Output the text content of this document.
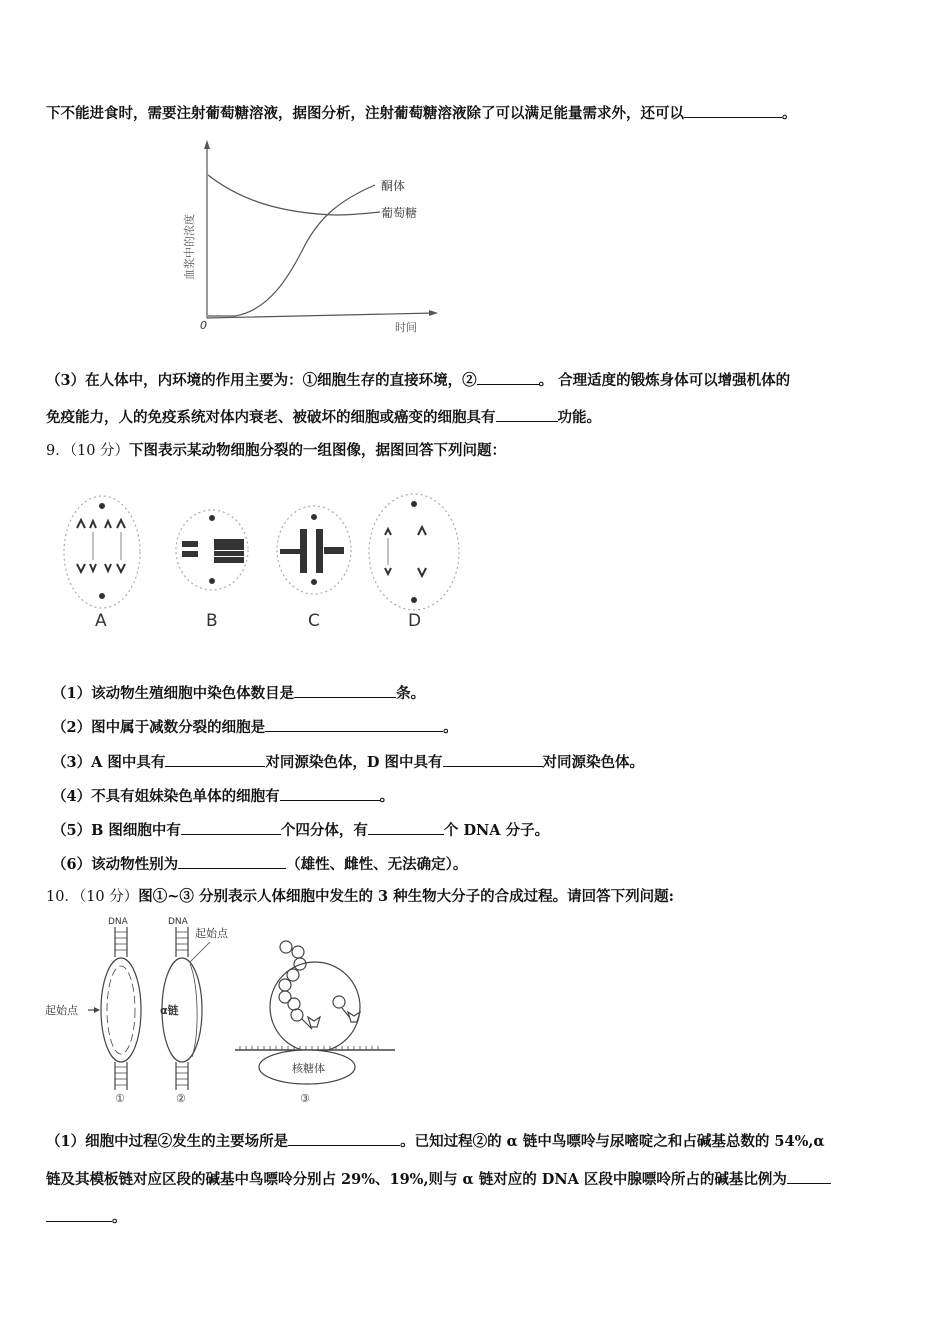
下不能进食时，需要注射葡萄糖溶液，据图分析，注射葡萄糖溶液除了可以满足能量需求外，还可以	。
酮体
葡萄糖
0	时间
血浆中的浓度
（3）在人体中，内环境的作用主要为：①细胞生存的直接环境，②	。 合理适度的锻炼身体可以增强机体的
免疫能力，人的免疫系统对体内衰老、被破坏的细胞或癌变的细胞具有	功能。
9．（10 分）下图表示某动物细胞分裂的一组图像，据图回答下列问题：
A	B	C	D
（1）该动物生殖细胞中染色体数目是	条。
（2）图中属于减数分裂的细胞是	。
（3）A 图中具有	对同源染色体，D 图中具有	对同源染色体。
（4）不具有姐妹染色单体的细胞有	。
（5）B 图细胞中有	个四分体，有	个 DNA 分子。
（6）该动物性别为	（雄性、雌性、无法确定）。
10．（10 分）图①~③ 分别表示人体细胞中发生的 3 种生物大分子的合成过程。请回答下列问题:
DNA	DNA
起始点
起始点
α链
核糖体
①	②	③
（1）细胞中过程②发生的主要场所是	。已知过程②的 α 链中鸟嘌呤与尿嘧啶之和占碱基总数的 54%,α
链及其模板链对应区段的碱基中鸟嘌呤分别占 29%、19%,则与 α 链对应的 DNA 区段中腺嘌呤所占的碱基比例为
。
